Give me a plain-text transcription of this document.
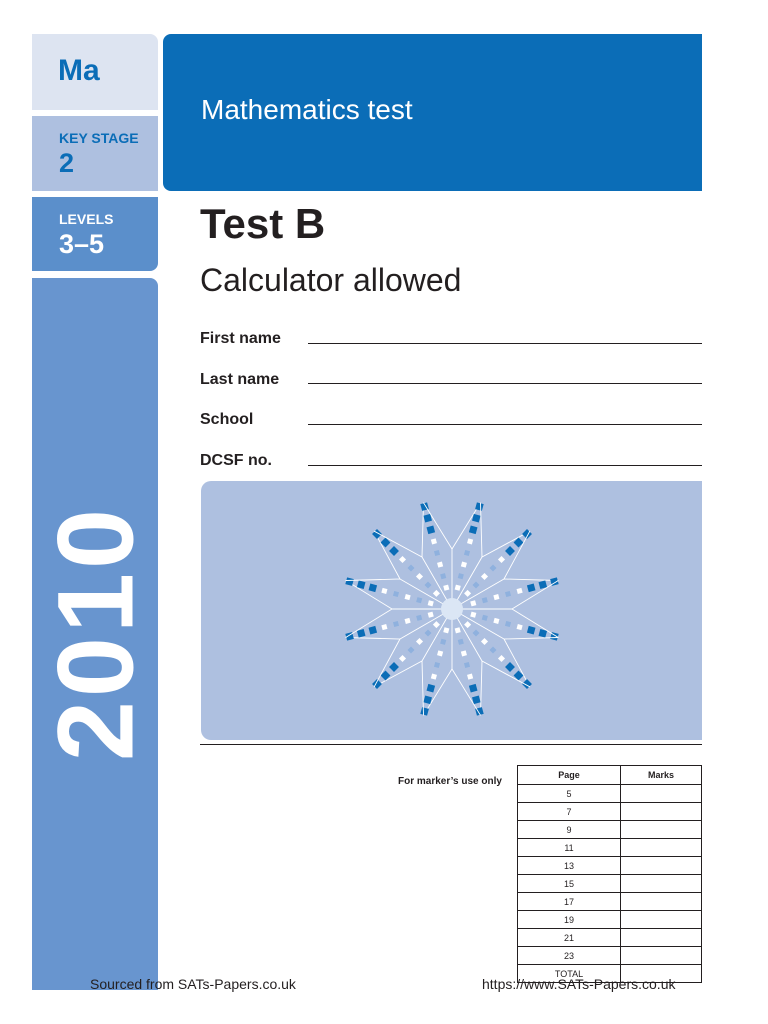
Ma
KEY STAGE
2
LEVELS
3–5
2010
Mathematics test
Test B
Calculator allowed
First name
Last name
School
DCSF no.
For marker’s use only
Page	Marks
5	
7	
9	
11	
13	
15	
17	
19	
21	
23	
TOTAL	
Sourced from SATs-Papers.co.uk	https://www.SATs-Papers.co.uk
